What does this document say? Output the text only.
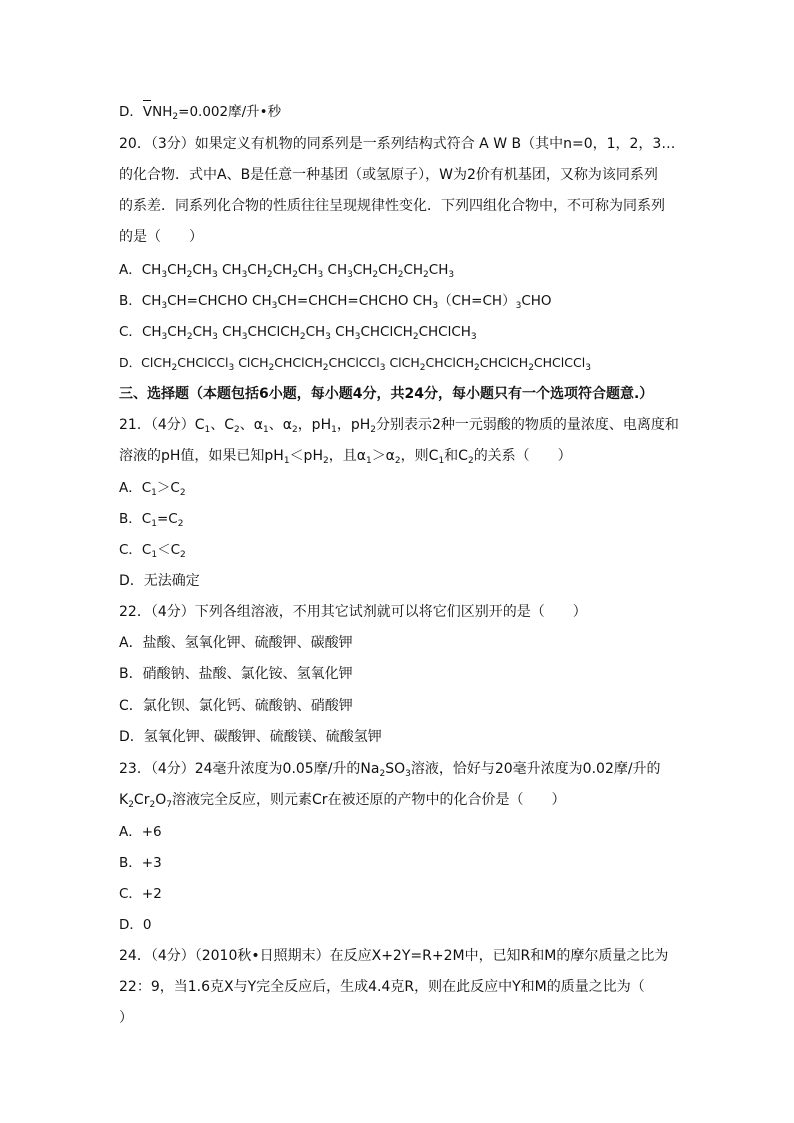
D．$VNH_2=0.002$摩/升•秒
20．（3分）如果定义有机物的同系列是一系列结构式符合 A W B（其中n=0，1，2，3…
的化合物．式中A、B是任意一种基团（或氢原子），W为2价有机基团，又称为该同系列
的系差．同系列化合物的性质往往呈现规律性变化．下列四组化合物中，不可称为同系列
的是（　　）
A．$CH_3CH_2CH_3$ $CH_3CH_2CH_2CH_3$ $CH_3CH_2CH_2CH_2CH_3$
B．$CH_3CH=CHCHO$ $CH_3CH=CHCH=CHCHO$ $CH_3(CH=CH)_3CHO$
C．$CH_3CH_2CH_3$ $CH_3CHClCH_2CH_3$ $CH_3CHClCH_2CHClCH_3$
D．ClCH$_2$CHClCCl$_3$ ClCH$_2$CHClCH$_2$CHClCCl$_3$ ClCH$_2$CHClCH$_2$CHClCH$_2$CHClCCl$_3$
三、选择题（本题包括6小题，每小题4分，共24分，每小题只有一个选项符合题意.）
21．（4分）$C_1$、$C_2$、$\alpha_1$、$\alpha_2$，$pH_1$，$pH_2$分别表示2种一元弱酸的物质的量浓度、电离度和
溶液的pH值，如果已知$pH_1<pH_2$，且$\alpha_1>\alpha_2$，则$C_1$和$C_2$的关系（　　）
A．$C_1>C_2$
B．$C_1=C_2$
C．$C_1<C_2$
D．无法确定
22．（4分）下列各组溶液，不用其它试剂就可以将它们区别开的是（　　）
A．盐酸、氢氧化钾、硫酸钾、碳酸钾
B．硝酸钠、盐酸、氯化铵、氢氧化钾
C．氯化钡、氯化钙、硫酸钠、硝酸钾
D．氢氧化钾、碳酸钾、硫酸镁、硫酸氢钾
23．（4分）24毫升浓度为0.05摩/升的$Na_2SO_3$溶液，恰好与20毫升浓度为0.02摩/升的
$K_2Cr_2O_7$溶液完全反应，则元素Cr在被还原的产物中的化合价是（　　）
A．+6
B．+3
C．+2
D．0
24．（4分）（2010秋•日照期末）在反应X+2Y=R+2M中，已知R和M的摩尔质量之比为
22：9，当1.6克X与Y完全反应后，生成4.4克R，则在此反应中Y和M的质量之比为（
）
